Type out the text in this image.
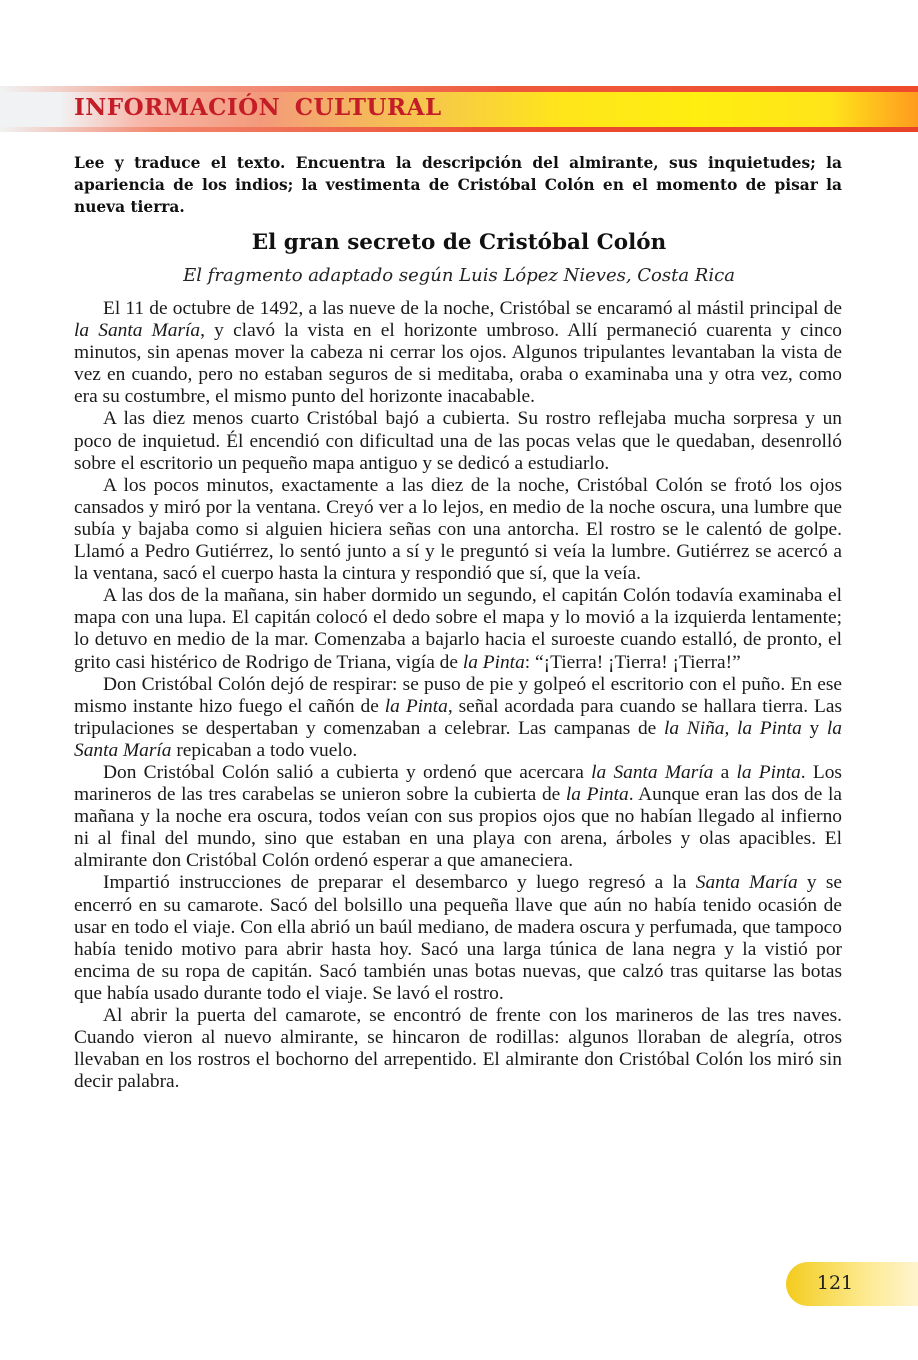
INFORMACIÓN CULTURAL

Lee y traduce el texto. Encuentra la descripción del almirante, sus inquietudes; la apariencia de los indios; la vestimenta de Cristóbal Colón en el momento de pisar la nueva tierra.

El gran secreto de Cristóbal Colón

El fragmento adaptado según Luis López Nieves, Costa Rica

El 11 de octubre de 1492, a las nueve de la noche, Cristóbal se encaramó al mástil principal de la Santa María, y clavó la vista en el horizonte umbroso. Allí permaneció cuarenta y cinco minutos, sin apenas mover la cabeza ni cerrar los ojos. Algunos tripulantes levantaban la vista de vez en cuando, pero no estaban seguros de si meditaba, oraba o examinaba una y otra vez, como era su costumbre, el mismo punto del horizonte inacabable.

A las diez menos cuarto Cristóbal bajó a cubierta. Su rostro reflejaba mucha sorpresa y un poco de inquietud. Él encendió con dificultad una de las pocas velas que le quedaban, desenrolló sobre el escritorio un pequeño mapa antiguo y se dedicó a estudiarlo.

A los pocos minutos, exactamente a las diez de la noche, Cristóbal Colón se frotó los ojos cansados y miró por la ventana. Creyó ver a lo lejos, en medio de la noche oscura, una lumbre que subía y bajaba como si alguien hiciera señas con una antorcha. El rostro se le calentó de golpe. Llamó a Pedro Gutiérrez, lo sentó junto a sí y le preguntó si veía la lumbre. Gutiérrez se acercó a la ventana, sacó el cuerpo hasta la cintura y respondió que sí, que la veía.

A las dos de la mañana, sin haber dormido un segundo, el capitán Colón todavía examinaba el mapa con una lupa. El capitán colocó el dedo sobre el mapa y lo movió a la izquierda lentamente; lo detuvo en medio de la mar. Comenzaba a bajarlo hacia el suroeste cuando estalló, de pronto, el grito casi histérico de Rodrigo de Triana, vigía de la Pinta: “¡Tierra! ¡Tierra! ¡Tierra!”

Don Cristóbal Colón dejó de respirar: se puso de pie y golpeó el escritorio con el puño. En ese mismo instante hizo fuego el cañón de la Pinta, señal acordada para cuando se hallara tierra. Las tripulaciones se despertaban y comenzaban a celebrar. Las campanas de la Niña, la Pinta y la Santa María repicaban a todo vuelo.

Don Cristóbal Colón salió a cubierta y ordenó que acercara la Santa María a la Pinta. Los marineros de las tres carabelas se unieron sobre la cubierta de la Pinta. Aunque eran las dos de la mañana y la noche era oscura, todos veían con sus propios ojos que no habían llegado al infierno ni al final del mundo, sino que estaban en una playa con arena, árboles y olas apacibles. El almirante don Cristóbal Colón ordenó esperar a que amaneciera.

Impartió instrucciones de preparar el desembarco y luego regresó a la Santa María y se encerró en su camarote. Sacó del bolsillo una pequeña llave que aún no había tenido ocasión de usar en todo el viaje. Con ella abrió un baúl mediano, de madera oscura y perfumada, que tampoco había tenido motivo para abrir hasta hoy. Sacó una larga túnica de lana negra y la vistió por encima de su ropa de capitán. Sacó también unas botas nuevas, que calzó tras quitarse las botas que había usado durante todo el viaje. Se lavó el rostro.

Al abrir la puerta del camarote, se encontró de frente con los marineros de las tres naves. Cuando vieron al nuevo almirante, se hincaron de rodillas: algunos lloraban de alegría, otros llevaban en los rostros el bochorno del arrepentido. El almirante don Cristóbal Colón los miró sin decir palabra.

121
